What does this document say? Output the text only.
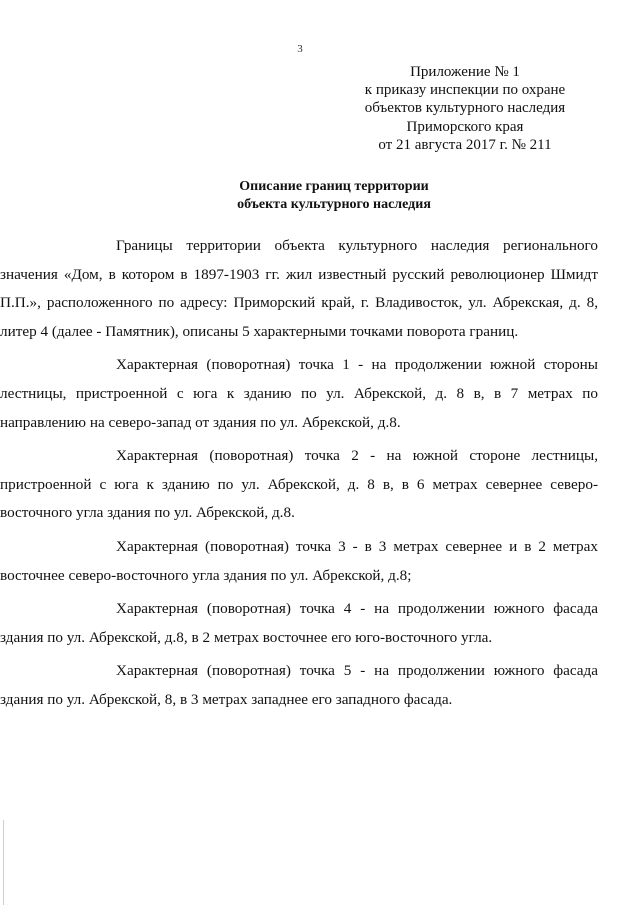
3
Приложение № 1
к приказу инспекции по охране
объектов культурного наследия
Приморского края
от 21 августа 2017 г. № 211
Описание границ территории
объекта культурного наследия

Границы территории объекта культурного наследия регионального значения «Дом, в котором в 1897-1903 гг. жил известный русский революционер Шмидт П.П.», расположенного по адресу: Приморский край, г. Владивосток, ул. Абрекская, д. 8, литер 4 (далее - Памятник), описаны 5 характерными точками поворота границ.

Характерная (поворотная) точка 1 - на продолжении южной стороны лестницы, пристроенной с юга к зданию по ул. Абрекской, д. 8 в, в 7 метрах по направлению на северо-запад от здания по ул. Абрекской, д.8.

Характерная (поворотная) точка 2 - на южной стороне лестницы, пристроенной с юга к зданию по ул. Абрекской, д. 8 в, в 6 метрах севернее северо-восточного угла здания по ул. Абрекской, д.8.

Характерная (поворотная) точка 3 - в 3 метрах севернее и в 2 метрах восточнее северо-восточного угла здания по ул. Абрекской, д.8;

Характерная (поворотная) точка 4 - на продолжении южного фасада здания по ул. Абрекской, д.8, в 2 метрах восточнее его юго-восточного угла.

Характерная (поворотная) точка 5 - на продолжении южного фасада здания по ул. Абрекской, 8, в 3 метрах западнее его западного фасада.
